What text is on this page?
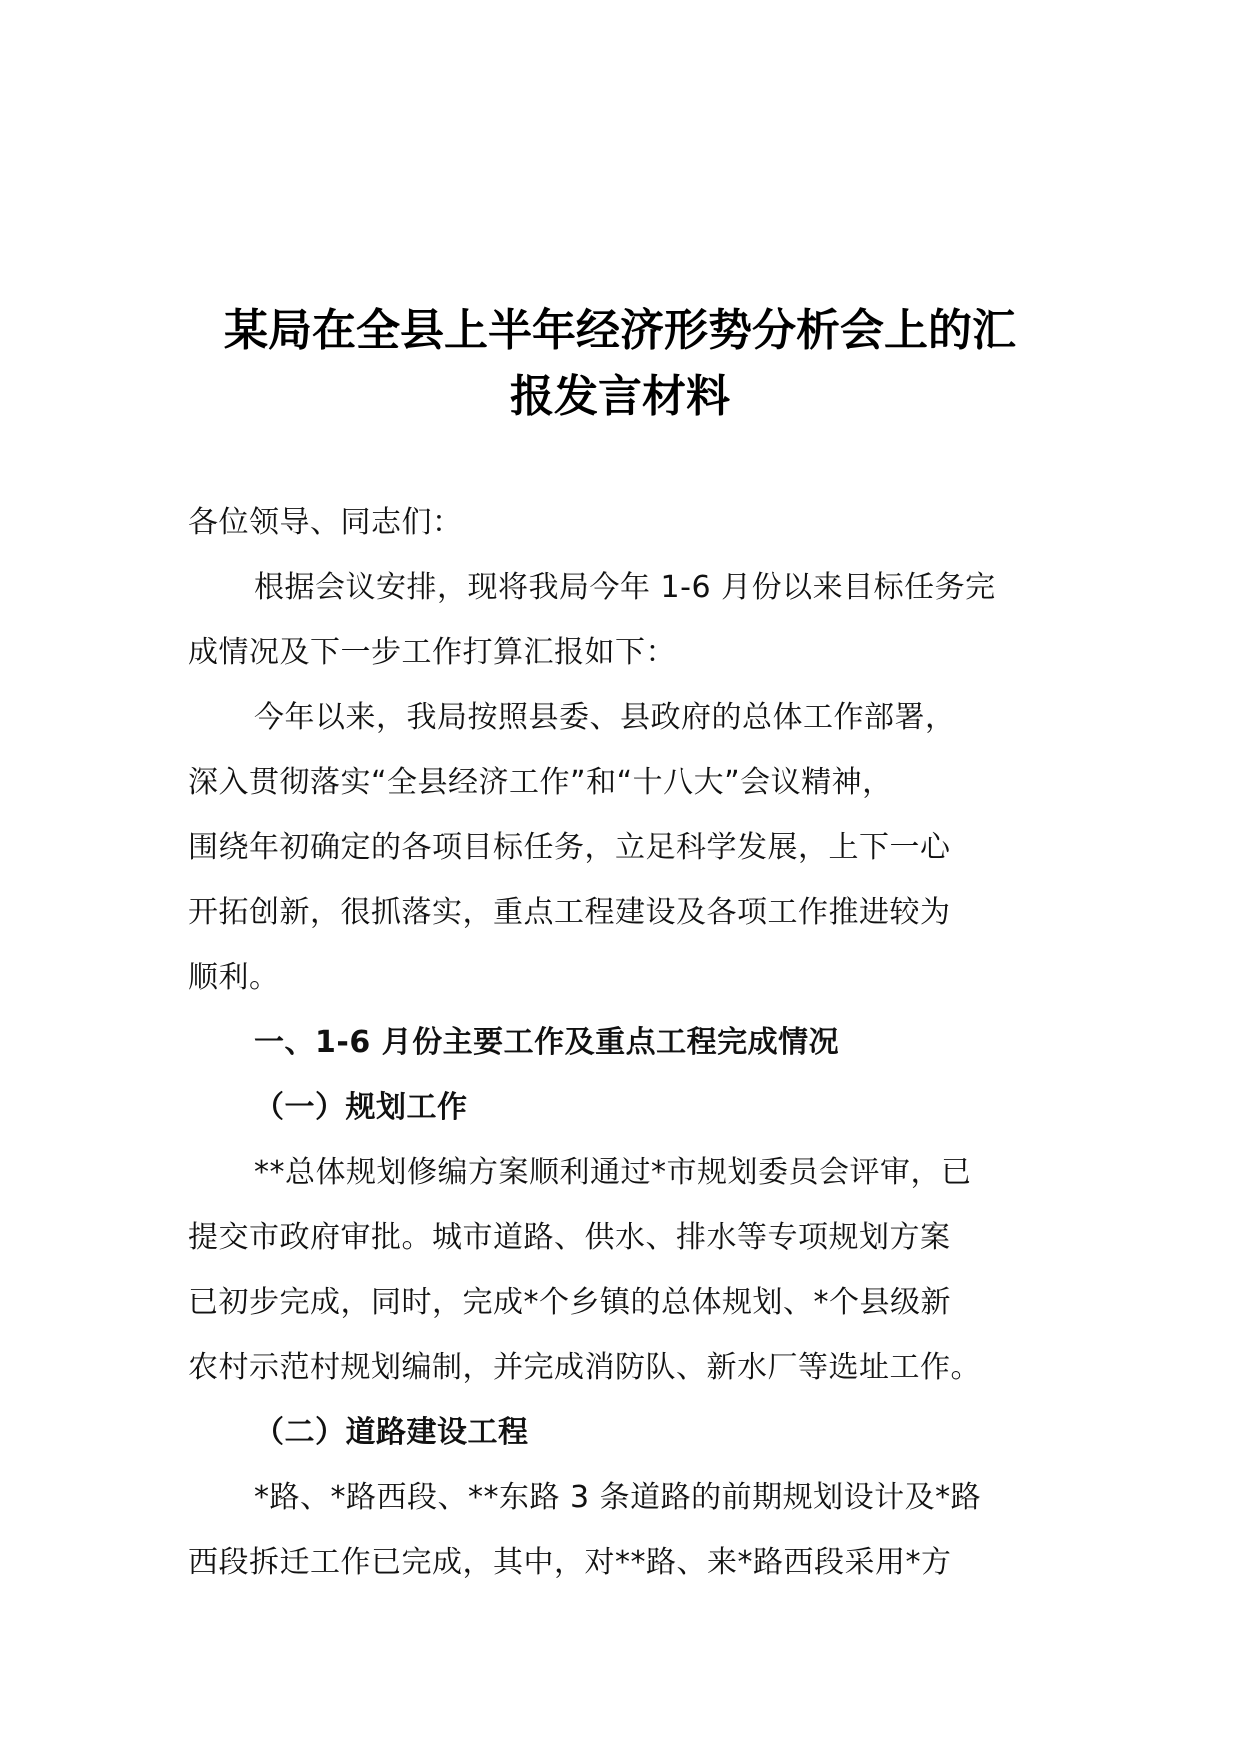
某局在全县上半年经济形势分析会上的汇
报发言材料
各位领导、同志们：
根据会议安排，现将我局今年 1-6 月份以来目标任务完
成情况及下一步工作打算汇报如下：
今年以来，我局按照县委、县政府的总体工作部署，
深入贯彻落实“全县经济工作”和“十八大”会议精神，
围绕年初确定的各项目标任务，立足科学发展，上下一心
开拓创新，很抓落实，重点工程建设及各项工作推进较为
顺利。
一、1-6 月份主要工作及重点工程完成情况
（一）规划工作
**总体规划修编方案顺利通过*市规划委员会评审，已
提交市政府审批。城市道路、供水、排水等专项规划方案
已初步完成，同时，完成*个乡镇的总体规划、*个县级新
农村示范村规划编制，并完成消防队、新水厂等选址工作。
（二）道路建设工程
*路、*路西段、**东路 3 条道路的前期规划设计及*路
西段拆迁工作已完成，其中，对**路、来*路西段采用*方
